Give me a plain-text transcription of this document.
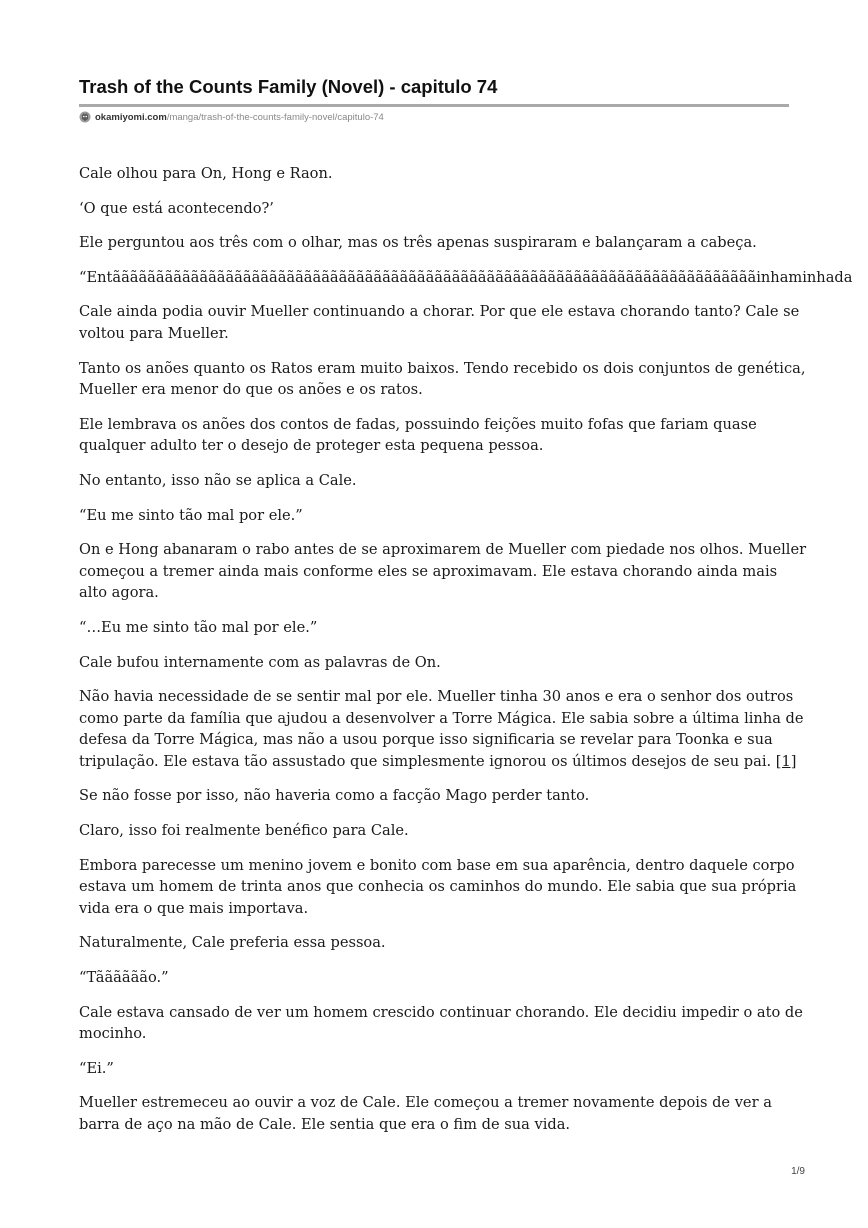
Trash of the Counts Family (Novel) - capitulo 74
okamiyomi.com /manga/trash-of-the-counts-family-novel/capitulo-74

Cale olhou para On, Hong e Raon.

‘O que está acontecendo?’

Ele perguntou aos três com o olhar, mas os três apenas suspiraram e balançaram a cabeça.

“Entããããããããããããããããããããããããããããããããããããããããããããããããããããããããããããããããããããããããããinhaminhada

Cale ainda podia ouvir Mueller continuando a chorar. Por que ele estava chorando tanto? Cale se voltou para Mueller.

Tanto os anões quanto os Ratos eram muito baixos. Tendo recebido os dois conjuntos de genética, Mueller era menor do que os anões e os ratos.

Ele lembrava os anões dos contos de fadas, possuindo feições muito fofas que fariam quase qualquer adulto ter o desejo de proteger esta pequena pessoa.

No entanto, isso não se aplica a Cale.

“Eu me sinto tão mal por ele.”

On e Hong abanaram o rabo antes de se aproximarem de Mueller com piedade nos olhos. Mueller começou a tremer ainda mais conforme eles se aproximavam. Ele estava chorando ainda mais alto agora.

“…Eu me sinto tão mal por ele.”

Cale bufou internamente com as palavras de On.

Não havia necessidade de se sentir mal por ele. Mueller tinha 30 anos e era o senhor dos outros como parte da família que ajudou a desenvolver a Torre Mágica. Ele sabia sobre a última linha de defesa da Torre Mágica, mas não a usou porque isso significaria se revelar para Toonka e sua tripulação. Ele estava tão assustado que simplesmente ignorou os últimos desejos de seu pai. [1]

Se não fosse por isso, não haveria como a facção Mago perder tanto.

Claro, isso foi realmente benéfico para Cale.

Embora parecesse um menino jovem e bonito com base em sua aparência, dentro daquele corpo estava um homem de trinta anos que conhecia os caminhos do mundo. Ele sabia que sua própria vida era o que mais importava.

Naturalmente, Cale preferia essa pessoa.

“Tãããããão.”

Cale estava cansado de ver um homem crescido continuar chorando. Ele decidiu impedir o ato de mocinho.

“Ei.”

Mueller estremeceu ao ouvir a voz de Cale. Ele começou a tremer novamente depois de ver a barra de aço na mão de Cale. Ele sentia que era o fim de sua vida.

1/9
